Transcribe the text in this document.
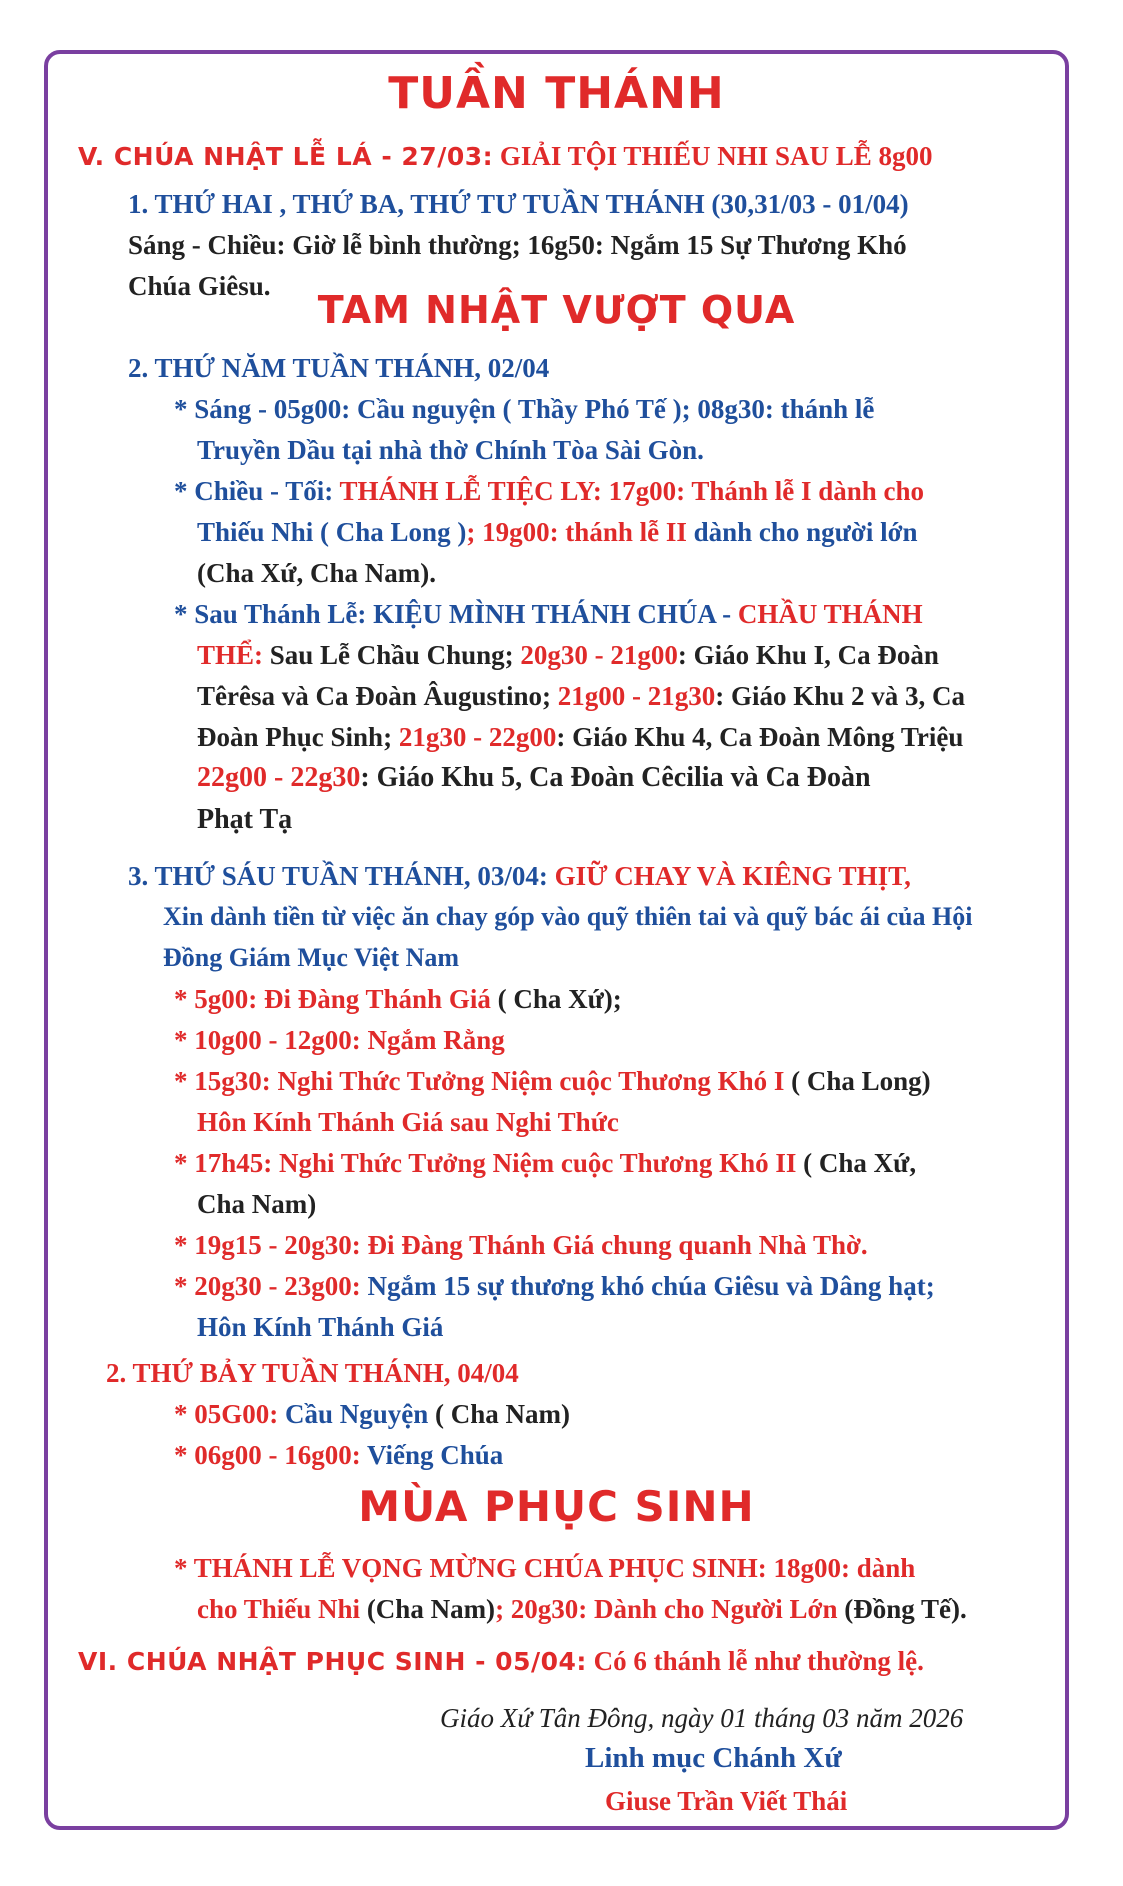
TUẦN THÁNH
V. CHÚA NHẬT LỄ LÁ - 27/03: GIẢI TỘI THIẾU NHI SAU LỄ 8g00
1. THỨ HAI , THỨ BA, THỨ TƯ TUẦN THÁNH (30,31/03 - 01/04)
Sáng - Chiều: Giờ lễ bình thường; 16g50: Ngắm 15 Sự Thương Khó
Chúa Giêsu.
TAM NHẬT VƯỢT QUA
2. THỨ NĂM TUẦN THÁNH, 02/04
* Sáng - 05g00: Cầu nguyện ( Thầy Phó Tế ); 08g30: thánh lễ
Truyền Dầu tại nhà thờ Chính Tòa Sài Gòn.
* Chiều - Tối: THÁNH LỄ TIỆC LY: 17g00: Thánh lễ I dành cho
Thiếu Nhi ( Cha Long ); 19g00: thánh lễ II dành cho người lớn
(Cha Xứ, Cha Nam).
* Sau Thánh Lễ: KIỆU MÌNH THÁNH CHÚA - CHẦU THÁNH
THỂ: Sau Lễ Chầu Chung; 20g30 - 21g00: Giáo Khu I, Ca Đoàn
Têrêsa và Ca Đoàn Âugustino; 21g00 - 21g30: Giáo Khu 2 và 3, Ca
Đoàn Phục Sinh; 21g30 - 22g00: Giáo Khu 4, Ca Đoàn Mông Triệu
22g00 - 22g30: Giáo Khu 5, Ca Đoàn Cêcilia và Ca Đoàn
Phạt Tạ
3. THỨ SÁU TUẦN THÁNH, 03/04: GIỮ CHAY VÀ KIÊNG THỊT,
Xin dành tiền từ việc ăn chay góp vào quỹ thiên tai và quỹ bác ái của Hội
Đồng Giám Mục Việt Nam
* 5g00: Đi Đàng Thánh Giá ( Cha Xứ);
* 10g00 - 12g00: Ngắm Rằng
* 15g30: Nghi Thức Tưởng Niệm cuộc Thương Khó I ( Cha Long)
Hôn Kính Thánh Giá sau Nghi Thức
* 17h45: Nghi Thức Tưởng Niệm cuộc Thương Khó II ( Cha Xứ,
Cha Nam)
* 19g15 - 20g30: Đi Đàng Thánh Giá chung quanh Nhà Thờ.
* 20g30 - 23g00: Ngắm 15 sự thương khó chúa Giêsu và Dâng hạt;
Hôn Kính Thánh Giá
2. THỨ BẢY TUẦN THÁNH, 04/04
* 05G00: Cầu Nguyện ( Cha Nam)
* 06g00 - 16g00: Viếng Chúa
MÙA PHỤC SINH
* THÁNH LỄ VỌNG MỪNG CHÚA PHỤC SINH: 18g00: dành
cho Thiếu Nhi (Cha Nam); 20g30: Dành cho Người Lớn (Đồng Tế).
VI. CHÚA NHẬT PHỤC SINH - 05/04: Có 6 thánh lễ như thường lệ.
Giáo Xứ Tân Đông, ngày 01 tháng 03 năm 2026
Linh mục Chánh Xứ
Giuse Trần Viết Thái
